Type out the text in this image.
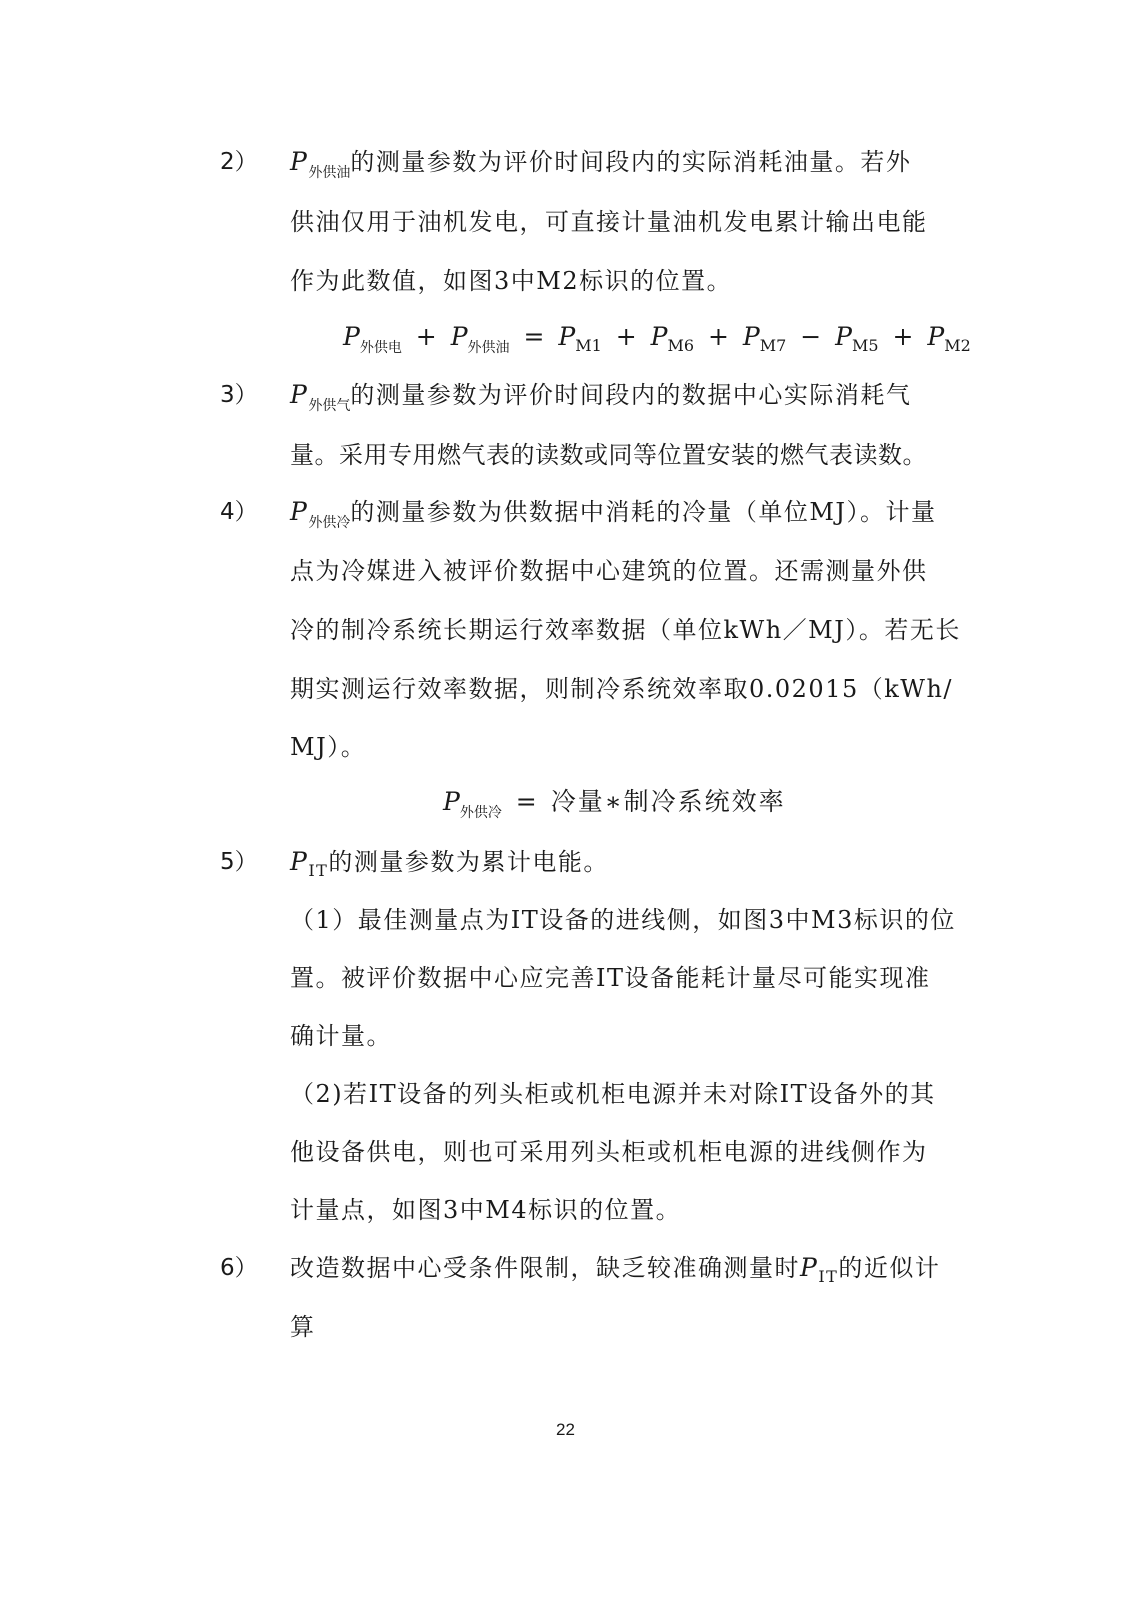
2） $P_{外供油}$的测量参数为评价时间段内的实际消耗油量。若外
供油仅用于油机发电，可直接计量油机发电累计输出电能
作为此数值，如图3中M2标识的位置。
$P_{外供电} + P_{外供油} = P_{M1} + P_{M6} + P_{M7} - P_{M5} + P_{M2}$
3） $P_{外供气}$的测量参数为评价时间段内的数据中心实际消耗气
量。采用专用燃气表的读数或同等位置安装的燃气表读数。
4） $P_{外供冷}$的测量参数为供数据中消耗的冷量（单位MJ）。计量
点为冷媒进入被评价数据中心建筑的位置。还需测量外供
冷的制冷系统长期运行效率数据（单位kWh／MJ）。若无长
期实测运行效率数据，则制冷系统效率取0.02015（kWh/
MJ）。
$P_{外供冷}$ = 冷量∗制冷系统效率
5） $P_{IT}$的测量参数为累计电能。
（1）最佳测量点为IT设备的进线侧，如图3中M3标识的位
置。被评价数据中心应完善IT设备能耗计量尽可能实现准
确计量。
（2)若IT设备的列头柜或机柜电源并未对除IT设备外的其
他设备供电，则也可采用列头柜或机柜电源的进线侧作为
计量点，如图3中M4标识的位置。
6） 改造数据中心受条件限制，缺乏较准确测量时$P_{IT}$的近似计
算
22
